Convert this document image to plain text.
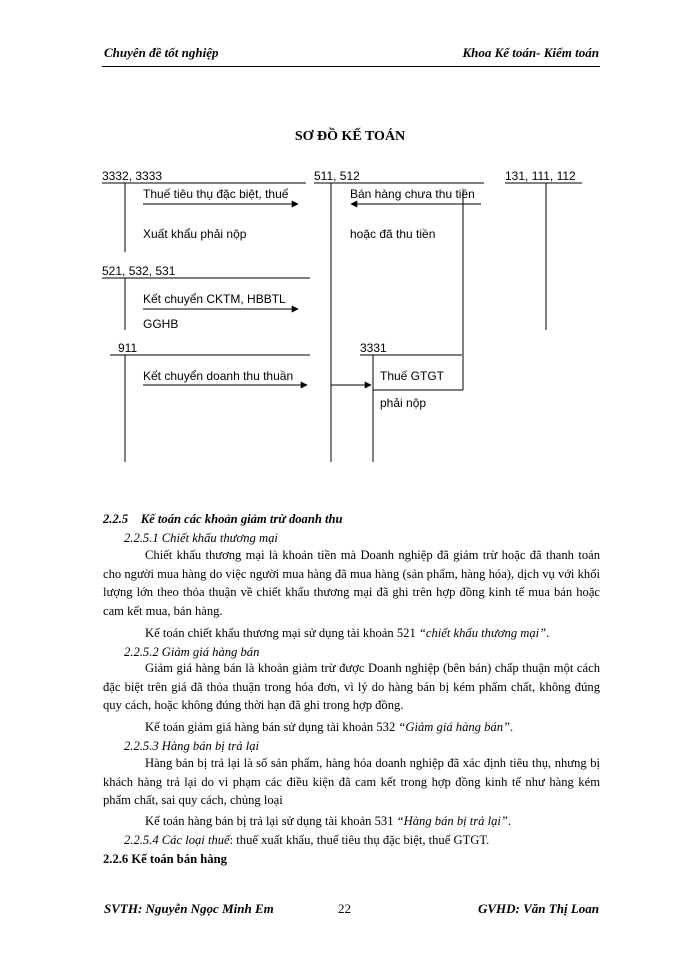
Chuyên đề tốt nghiệp	Khoa Kế toán- Kiểm toán
SƠ ĐỒ KẾ TOÁN
3332, 3333	511, 512	131, 111, 112
521, 532, 531
911	3331
Thuế tiêu thụ đặc biệt, thuế
Xuất khẩu phải nộp
Bán hàng chưa thu tiền
hoặc đã thu tiền
Kết chuyển CKTM, HBBTL
GGHB
Kết chuyển doanh thu thuần	Thuế GTGT
phải nộp
2.2.5 Kế toán các khoản giảm trừ doanh thu
2.2.5.1 Chiết khấu thương mại
Chiết khấu thương mại là khoản tiền mà Doanh nghiệp đã giảm trừ hoặc đã thanh toán cho người mua hàng do việc người mua hàng đã mua hàng (sản phẩm, hàng hóa), dịch vụ với khối lượng lớn theo thỏa thuận về chiết khấu thương mại đã ghi trên hợp đồng kinh tế mua bán hoặc cam kết mua, bán hàng.
Kế toán chiết khấu thương mại sử dụng tài khoản 521 “chiết khấu thương mại”.
2.2.5.2 Giảm giá hàng bán
Giảm giá hàng bán là khoản giảm trừ được Doanh nghiệp (bên bán) chấp thuận một cách đặc biệt trên giá đã thỏa thuận trong hóa đơn, vì lý do hàng bán bị kém phẩm chất, không đúng quy cách, hoặc không đúng thời hạn đã ghi trong hợp đồng.
Kế toán giảm giá hàng bán sử dụng tài khoản 532 “Giảm giá hàng bán”.
2.2.5.3 Hàng bán bị trả lại
Hàng bán bị trả lại là số sản phẩm, hàng hóa doanh nghiệp đã xác định tiêu thụ, nhưng bị khách hàng trả lại do vi phạm các điều kiện đã cam kết trong hợp đồng kinh tế như hàng kém phẩm chất, sai quy cách, chủng loại
Kế toán hàng bán bị trả lại sử dụng tài khoản 531 “Hàng bán bị trả lại”.
2.2.5.4 Các loại thuế: thuế xuất khẩu, thuế tiêu thụ đặc biệt, thuế GTGT.
2.2.6 Kế toán bán hàng
SVTH: Nguyễn Ngọc Minh Em	22	GVHD: Văn Thị Loan
